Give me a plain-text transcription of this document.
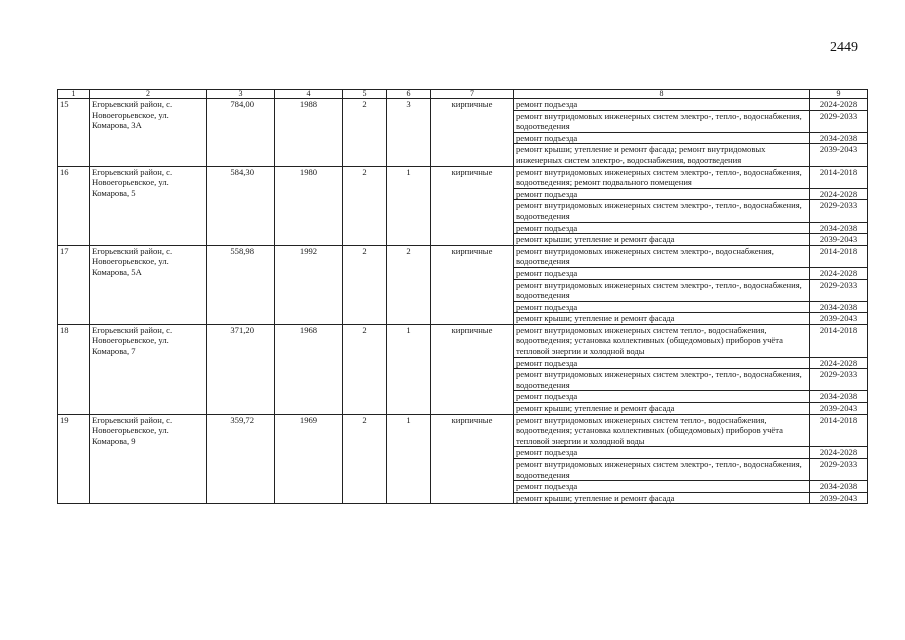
2449
1	2	3	4	5	6	7	8	9
15	Егорьевский район, с. Новоегорьевское, ул. Комарова, 3А	784,00	1988	2	3	кирпичные	ремонт подъезда	2024-2028
							ремонт внутридомовых инженерных систем электро-, тепло-, водоснабжения, водоотведения	2029-2033
							ремонт подъезда	2034-2038
							ремонт крыши; утепление и ремонт фасада; ремонт внутридомовых инженерных систем электро-, водоснабжения, водоотведения	2039-2043
16	Егорьевский район, с. Новоегорьевское, ул. Комарова, 5	584,30	1980	2	1	кирпичные	ремонт внутридомовых инженерных систем электро-, тепло-, водоснабжения, водоотведения; ремонт подвального помещения	2014-2018
							ремонт подъезда	2024-2028
							ремонт внутридомовых инженерных систем электро-, тепло-, водоснабжения, водоотведения	2029-2033
							ремонт подъезда	2034-2038
							ремонт крыши; утепление и ремонт фасада	2039-2043
17	Егорьевский район, с. Новоегорьевское, ул. Комарова, 5А	558,98	1992	2	2	кирпичные	ремонт внутридомовых инженерных систем электро-, водоснабжения, водоотведения	2014-2018
							ремонт подъезда	2024-2028
							ремонт внутридомовых инженерных систем электро-, тепло-, водоснабжения, водоотведения	2029-2033
							ремонт подъезда	2034-2038
							ремонт крыши; утепление и ремонт фасада	2039-2043
18	Егорьевский район, с. Новоегорьевское, ул. Комарова, 7	371,20	1968	2	1	кирпичные	ремонт внутридомовых инженерных систем тепло-, водоснабжения, водоотведения; установка коллективных (общедомовых) приборов учёта тепловой энергии и холодной воды	2014-2018
							ремонт подъезда	2024-2028
							ремонт внутридомовых инженерных систем электро-, тепло-, водоснабжения, водоотведения	2029-2033
							ремонт подъезда	2034-2038
							ремонт крыши; утепление и ремонт фасада	2039-2043
19	Егорьевский район, с. Новоегорьевское, ул. Комарова, 9	359,72	1969	2	1	кирпичные	ремонт внутридомовых инженерных систем тепло-, водоснабжения, водоотведения; установка коллективных (общедомовых) приборов учёта тепловой энергии и холодной воды	2014-2018
							ремонт подъезда	2024-2028
							ремонт внутридомовых инженерных систем электро-, тепло-, водоснабжения, водоотведения	2029-2033
							ремонт подъезда	2034-2038
							ремонт крыши; утепление и ремонт фасада	2039-2043
